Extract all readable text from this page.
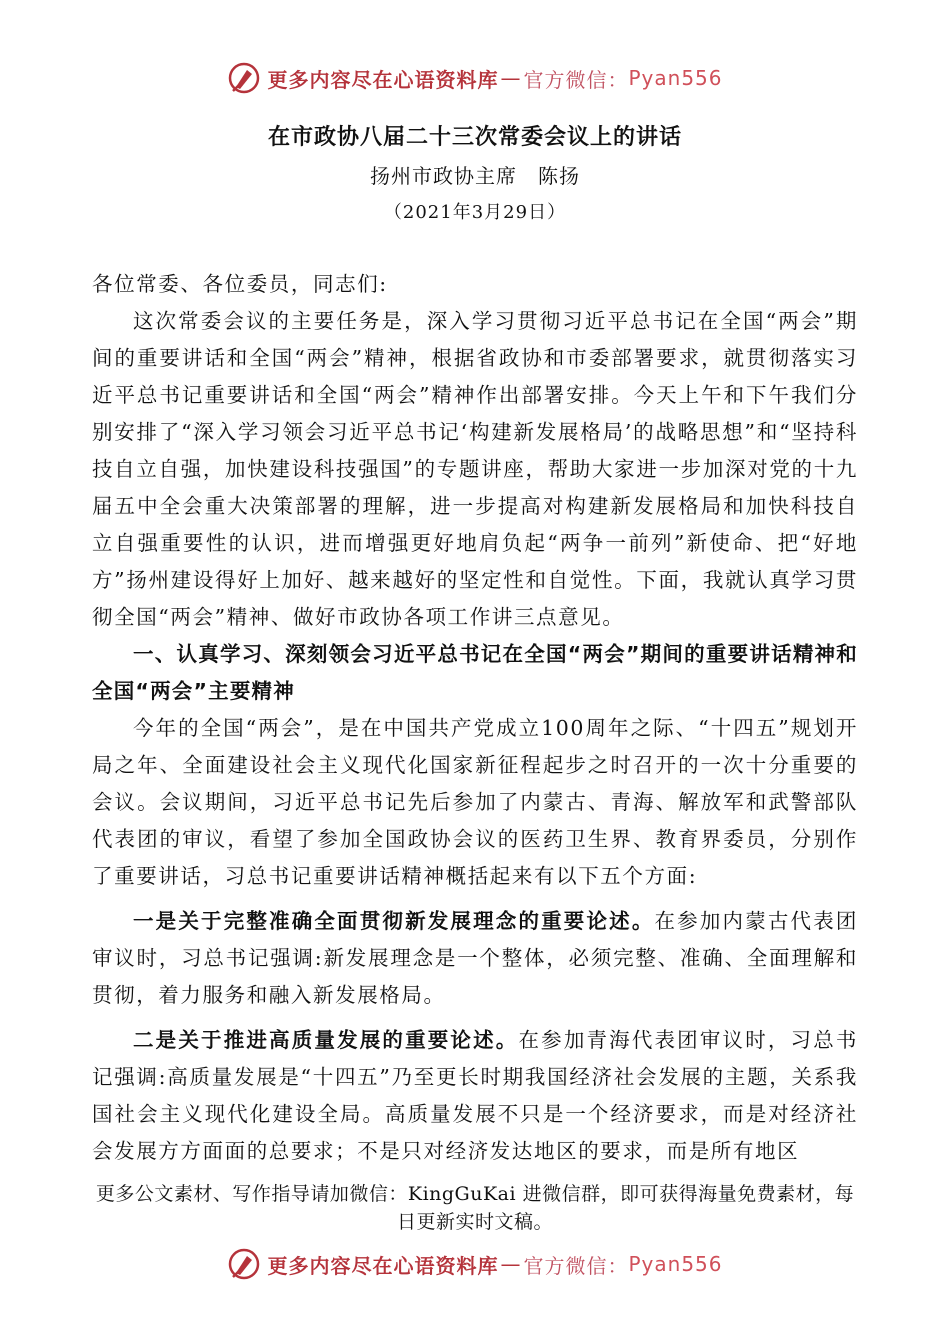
更多内容尽在心语资料库 — 官方微信： Pyan556
在市政协八届二十三次常委会议上的讲话
扬州市政协主席　陈扬
（2021年3月29日）

各位常委、各位委员，同志们:

这次常委会议的主要任务是，深入学习贯彻习近平总书记在全国“两会”期间的重要讲话和全国“两会”精神，根据省政协和市委部署要求，就贯彻落实习近平总书记重要讲话和全国“两会”精神作出部署安排。今天上午和下午我们分别安排了“深入学习领会习近平总书记‘构建新发展格局’的战略思想”和“坚持科技自立自强，加快建设科技强国”的专题讲座，帮助大家进一步加深对党的十九届五中全会重大决策部署的理解，进一步提高对构建新发展格局和加快科技自立自强重要性的认识，进而增强更好地肩负起“两争一前列”新使命、把“好地方”扬州建设得好上加好、越来越好的坚定性和自觉性。下面，我就认真学习贯彻全国“两会”精神、做好市政协各项工作讲三点意见。

一、认真学习、深刻领会习近平总书记在全国“两会”期间的重要讲话精神和全国“两会”主要精神

今年的全国“两会”，是在中国共产党成立100周年之际、“十四五”规划开局之年、全面建设社会主义现代化国家新征程起步之时召开的一次十分重要的会议。会议期间，习近平总书记先后参加了内蒙古、青海、解放军和武警部队代表团的审议，看望了参加全国政协会议的医药卫生界、教育界委员，分别作了重要讲话，习总书记重要讲话精神概括起来有以下五个方面:

一是关于完整准确全面贯彻新发展理念的重要论述。在参加内蒙古代表团审议时，习总书记强调:新发展理念是一个整体，必须完整、准确、全面理解和贯彻，着力服务和融入新发展格局。

二是关于推进高质量发展的重要论述。在参加青海代表团审议时，习总书记强调:高质量发展是“十四五”乃至更长时期我国经济社会发展的主题，关系我国社会主义现代化建设全局。高质量发展不只是一个经济要求，而是对经济社会发展方方面面的总要求；不是只对经济发达地区的要求，而是所有地区

更多公文素材、写作指导请加微信：KingGuKai 进微信群，即可获得海量免费素材，每日更新实时文稿。
更多内容尽在心语资料库 — 官方微信： Pyan556
